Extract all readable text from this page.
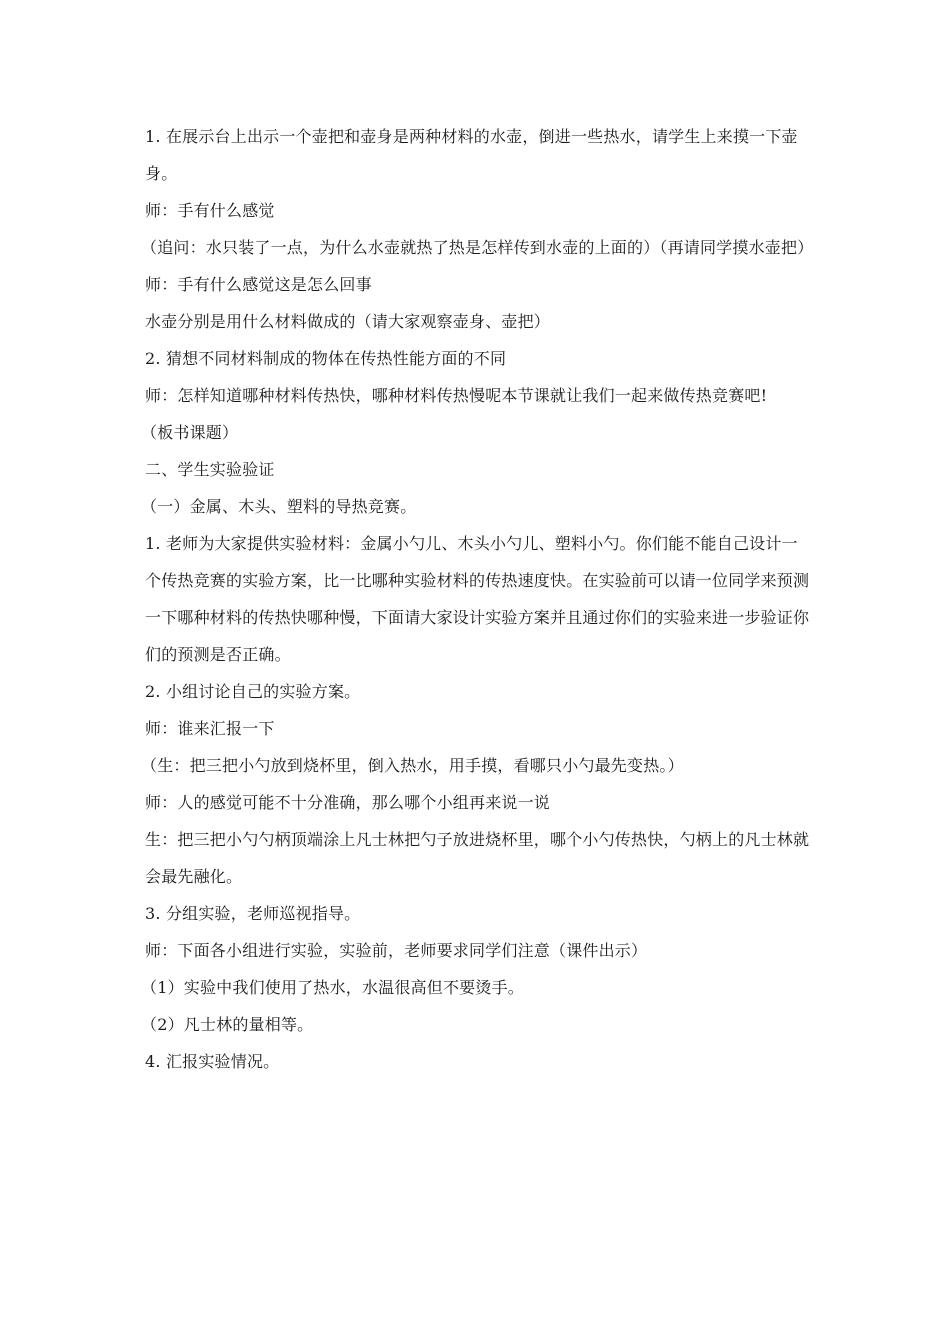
1. 在展示台上出示一个壶把和壶身是两种材料的水壶，倒进一些热水，请学生上来摸一下壶身。

师：手有什么感觉

（追问：水只装了一点，为什么水壶就热了热是怎样传到水壶的上面的）（再请同学摸水壶把）

师：手有什么感觉这是怎么回事

水壶分别是用什么材料做成的（请大家观察壶身、壶把）

2. 猜想不同材料制成的物体在传热性能方面的不同

师：怎样知道哪种材料传热快，哪种材料传热慢呢本节课就让我们一起来做传热竞赛吧!

（板书课题）

二、学生实验验证

（一）金属、木头、塑料的导热竞赛。

1. 老师为大家提供实验材料：金属小勺儿、木头小勺儿、塑料小勺。你们能不能自己设计一个传热竞赛的实验方案，比一比哪种实验材料的传热速度快。在实验前可以请一位同学来预测一下哪种材料的传热快哪种慢，下面请大家设计实验方案并且通过你们的实验来进一步验证你们的预测是否正确。

2. 小组讨论自己的实验方案。

师：谁来汇报一下

（生：把三把小勺放到烧杯里，倒入热水，用手摸，看哪只小勺最先变热。）

师：人的感觉可能不十分准确，那么哪个小组再来说一说

生：把三把小勺勺柄顶端涂上凡士林把勺子放进烧杯里，哪个小勺传热快，勺柄上的凡士林就会最先融化。

3. 分组实验，老师巡视指导。

师：下面各小组进行实验，实验前，老师要求同学们注意（课件出示）

（1）实验中我们使用了热水，水温很高但不要烫手。

（2）凡士林的量相等。

4. 汇报实验情况。
